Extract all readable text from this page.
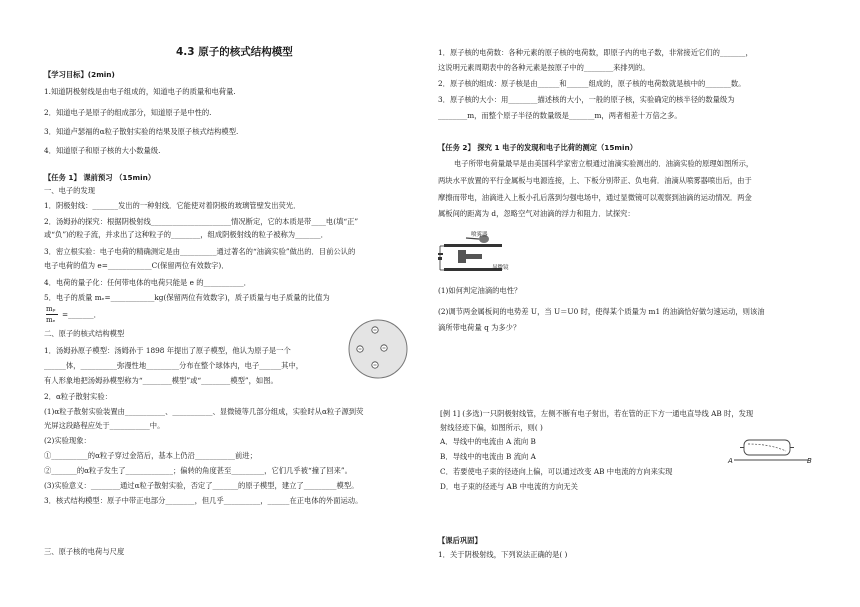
4.3 原子的核式结构模型
【学习目标】(2min)
1.知道阴极射线是由电子组成的，知道电子的质量和电荷量.
2．知道电子是原子的组成部分，知道原子是中性的.
3．知道卢瑟福的α粒子散射实验的结果及原子核式结构模型.
4．知道原子和原子核的大小数量级.
【任务 1】 课前预习 （15min）
一、电子的发现
1．阴极射线：_______发出的一种射线．它能使对着阴极的玻璃管壁发出荧光．
2．汤姆孙的探究：根据阴极射线______________________情况断定，它的本质是带____电(填“正”
或“负”)的粒子流，并求出了这种粒子的________，组成阴极射线的粒子被称为_______．
3．密立根实验：电子电荷的精确测定是由__________通过著名的“油滴实验”做出的．目前公认的
电子电荷的值为 e=____________C(保留两位有效数字)．
4．电荷的量子化：任何带电体的电荷只能是 e 的___________．
5．电子的质量 mₑ=____________kg(保留两位有效数字)，质子质量与电子质量的比值为
mₚ
mₑ
=_______．
二、原子的核式结构模型
1．汤姆孙原子模型：汤姆孙于 1898 年提出了原子模型，他认为原子是一个
______体，__________弥漫性地_________分布在整个球体内，电子______其中，
有人形象地把汤姆孙模型称为“________模型”或“________模型”，如图。
2．α粒子散射实验：
(1)α粒子散射实验装置由___________、___________、显微镜等几部分组成，实验时从α粒子源到荧
光屏这段路程应处于___________中。
(2)实验现象：
①__________的α粒子穿过金箔后，基本上仍沿___________前进；
②_______的α粒子发生了_____________；偏转的角度甚至_________，它们几乎被“撞了回来”。
(3)实验意义：________通过α粒子散射实验，否定了_______的原子模型，建立了_________模型。
3．核式结构模型：原子中带正电部分________，但几乎__________，______在正电体的外面运动。
三、原子核的电荷与尺度
1．原子核的电荷数：各种元素的原子核的电荷数，即原子内的电子数，非常接近它们的_______，
这说明元素周期表中的各种元素是按原子中的________来排列的。
2．原子核的组成：原子核是由______和______组成的，原子核的电荷数就是核中的_______数。
3．原子核的大小：用________描述核的大小，一般的原子核，实验确定的核半径的数量级为
________m，而整个原子半径的数量级是_______m，两者相差十万倍之多。
【任务 2】 探究 1 电子的发现和电子比荷的测定（15min）
电子所带电荷量最早是由美国科学家密立根通过油滴实验测出的．油滴实验的原理如图所示，
两块水平放置的平行金属板与电源连接，上、下板分别带正、负电荷．油滴从喷雾器喷出后，由于
摩擦而带电，油滴进入上板小孔后落到匀强电场中，通过显微镜可以观察到油滴的运动情况．两金
属板间的距离为 d，忽略空气对油滴的浮力和阻力．试探究：
喷雾器
显微镜
(1)如何判定油滴的电性？
(2)调节两金属板间的电势差 U，当 U＝U0 时，使得某个质量为 m1 的油滴恰好做匀速运动，则该油
滴所带电荷量 q 为多少？
[例 1] (多选)一只阴极射线管，左侧不断有电子射出，若在管的正下方一通电直导线 AB 时，发现
射线径迹下偏，如图所示，则( )
A．导线中的电流由 A 流向 B
B．导线中的电流由 B 流向 A
C．若要使电子束的径迹向上偏，可以通过改变 AB 中电流的方向来实现
D．电子束的径迹与 AB 中电流的方向无关
A	B
【课后巩固】
1．关于阴极射线，下列说法正确的是( )
